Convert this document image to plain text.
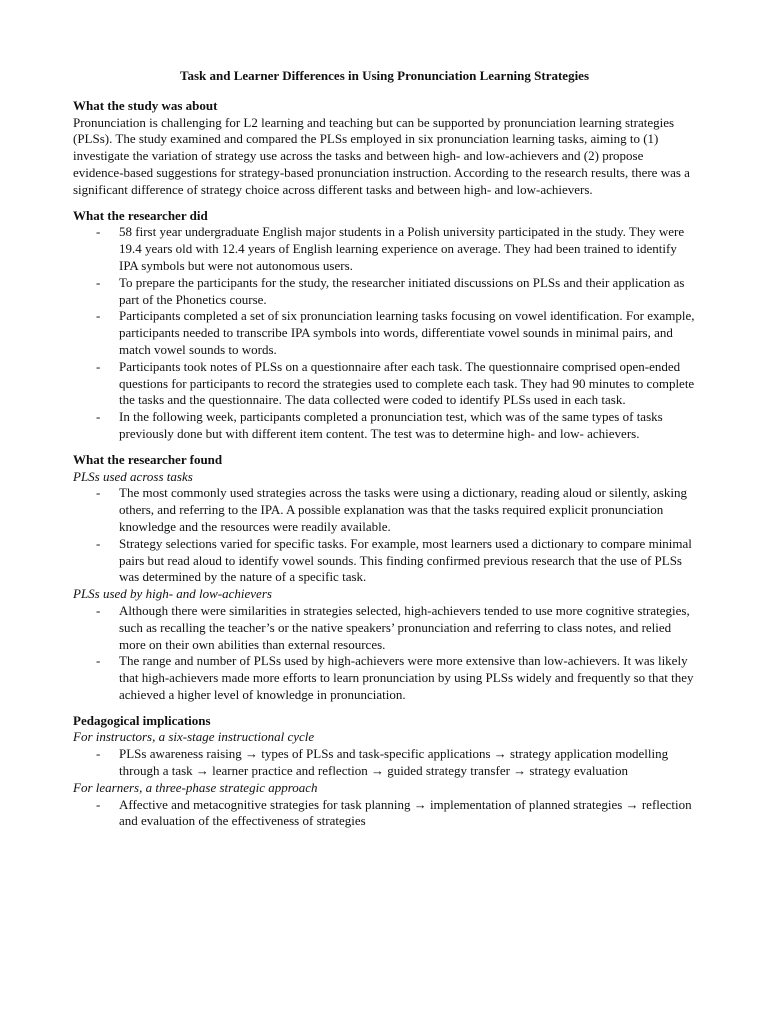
Task and Learner Differences in Using Pronunciation Learning Strategies
What the study was about

Pronunciation is challenging for L2 learning and teaching but can be supported by pronunciation learning strategies (PLSs). The study examined and compared the PLSs employed in six pronunciation learning tasks, aiming to (1) investigate the variation of strategy use across the tasks and between high- and low-achievers and (2) propose evidence-based suggestions for strategy-based pronunciation instruction. According to the research results, there was a significant difference of strategy choice across different tasks and between high- and low-achievers.

What the researcher did
- 58 first year undergraduate English major students in a Polish university participated in the study. They were 19.4 years old with 12.4 years of English learning experience on average. They had been trained to identify IPA symbols but were not autonomous users.
- To prepare the participants for the study, the researcher initiated discussions on PLSs and their application as part of the Phonetics course.
- Participants completed a set of six pronunciation learning tasks focusing on vowel identification. For example, participants needed to transcribe IPA symbols into words, differentiate vowel sounds in minimal pairs, and match vowel sounds to words.
- Participants took notes of PLSs on a questionnaire after each task. The questionnaire comprised open-ended questions for participants to record the strategies used to complete each task. They had 90 minutes to complete the tasks and the questionnaire. The data collected were coded to identify PLSs used in each task.
- In the following week, participants completed a pronunciation test, which was of the same types of tasks previously done but with different item content. The test was to determine high- and low- achievers.
What the researcher found
PLSs used across tasks
- The most commonly used strategies across the tasks were using a dictionary, reading aloud or silently, asking others, and referring to the IPA. A possible explanation was that the tasks required explicit pronunciation knowledge and the resources were readily available.
- Strategy selections varied for specific tasks. For example, most learners used a dictionary to compare minimal pairs but read aloud to identify vowel sounds. This finding confirmed previous research that the use of PLSs was determined by the nature of a specific task.
PLSs used by high- and low-achievers
- Although there were similarities in strategies selected, high-achievers tended to use more cognitive strategies, such as recalling the teacher’s or the native speakers’ pronunciation and referring to class notes, and relied more on their own abilities than external resources.
- The range and number of PLSs used by high-achievers were more extensive than low-achievers. It was likely that high-achievers made more efforts to learn pronunciation by using PLSs widely and frequently so that they achieved a higher level of knowledge in pronunciation.
Pedagogical implications
For instructors, a six-stage instructional cycle
- PLSs awareness raising → types of PLSs and task-specific applications → strategy application modelling through a task → learner practice and reflection → guided strategy transfer → strategy evaluation
For learners, a three-phase strategic approach
- Affective and metacognitive strategies for task planning → implementation of planned strategies → reflection and evaluation of the effectiveness of strategies
